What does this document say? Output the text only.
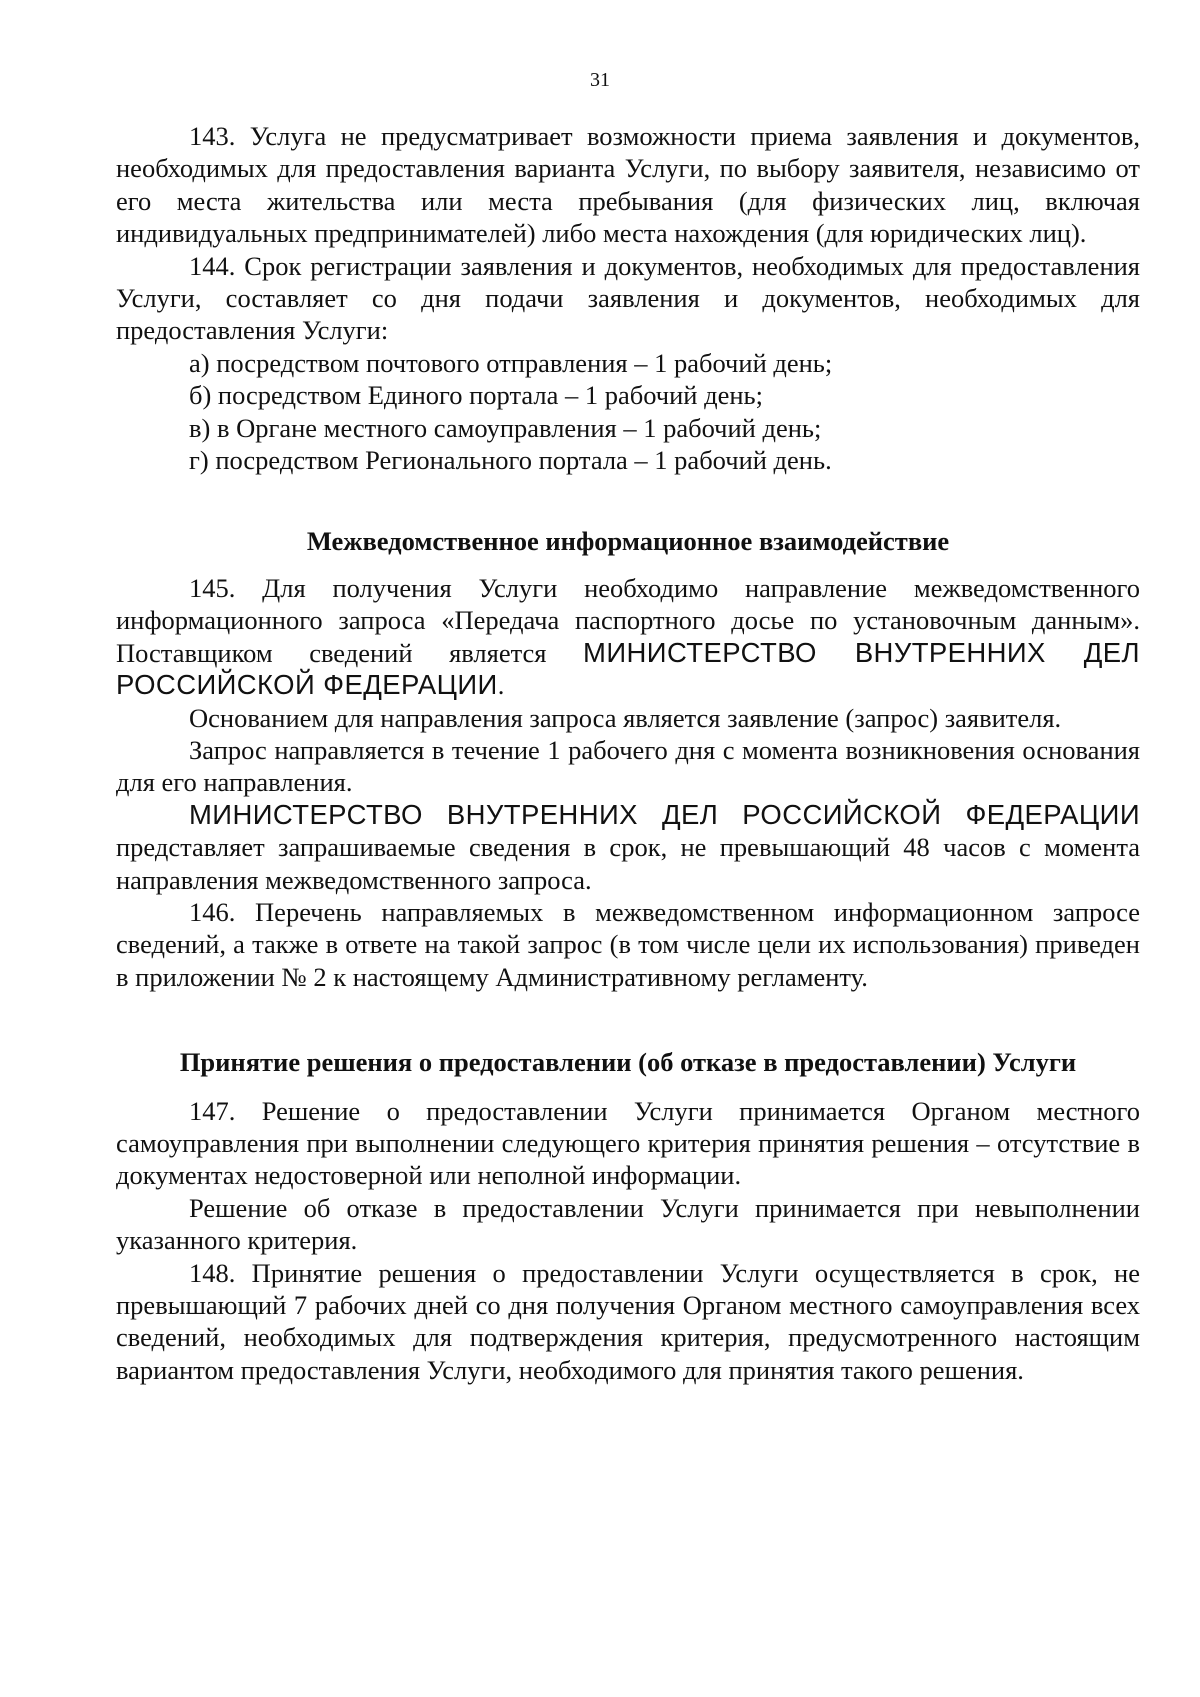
31

143. Услуга не предусматривает возможности приема заявления и документов, необходимых для предоставления варианта Услуги, по выбору заявителя, независимо от его места жительства или места пребывания (для физических лиц, включая индивидуальных предпринимателей) либо места нахождения (для юридических лиц).

144. Срок регистрации заявления и документов, необходимых для предоставления Услуги, составляет со дня подачи заявления и документов, необходимых для предоставления Услуги:

а) посредством почтового отправления – 1 рабочий день;

б) посредством Единого портала – 1 рабочий день;

в) в Органе местного самоуправления – 1 рабочий день;

г) посредством Регионального портала – 1 рабочий день.

Межведомственное информационное взаимодействие

145. Для получения Услуги необходимо направление межведомственного информационного запроса «Передача паспортного досье по установочным данным». Поставщиком сведений является МИНИСТЕРСТВО ВНУТРЕННИХ ДЕЛ РОССИЙСКОЙ ФЕДЕРАЦИИ.

Основанием для направления запроса является заявление (запрос) заявителя.

Запрос направляется в течение 1 рабочего дня с момента возникновения основания для его направления.

МИНИСТЕРСТВО ВНУТРЕННИХ ДЕЛ РОССИЙСКОЙ ФЕДЕРАЦИИ представляет запрашиваемые сведения в срок, не превышающий 48 часов с момента направления межведомственного запроса.

146. Перечень направляемых в межведомственном информационном запросе сведений, а также в ответе на такой запрос (в том числе цели их использования) приведен в приложении № 2 к настоящему Административному регламенту.

Принятие решения о предоставлении (об отказе в предоставлении) Услуги

147. Решение о предоставлении Услуги принимается Органом местного самоуправления при выполнении следующего критерия принятия решения – отсутствие в документах недостоверной или неполной информации.

Решение об отказе в предоставлении Услуги принимается при невыполнении указанного критерия.

148. Принятие решения о предоставлении Услуги осуществляется в срок, не превышающий 7 рабочих дней со дня получения Органом местного самоуправления всех сведений, необходимых для подтверждения критерия, предусмотренного настоящим вариантом предоставления Услуги, необходимого для принятия такого решения.
